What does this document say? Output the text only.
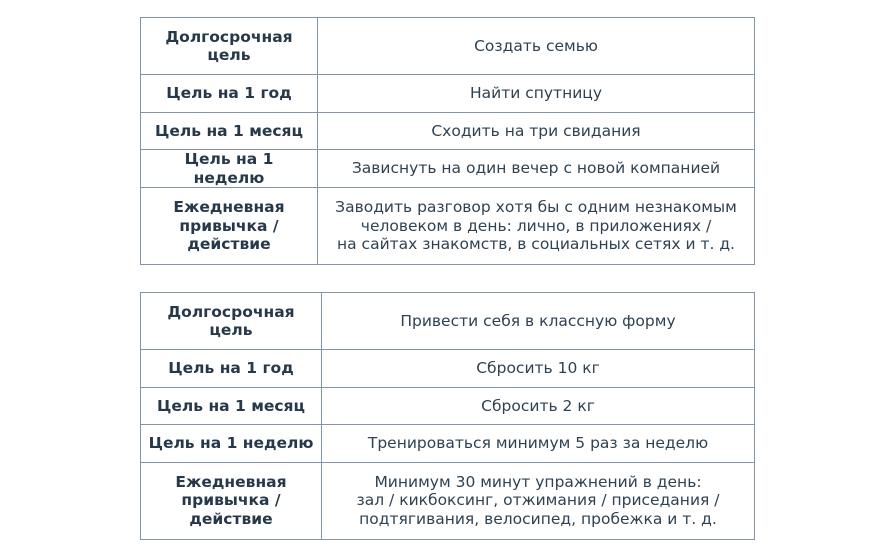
Долгосрочная
цель	Создать семью
Цель на 1 год	Найти спутницу
Цель на 1 месяц	Сходить на три свидания
Цель на 1 неделю	Зависнуть на один вечер с новой компанией
Ежедневная
привычка /
действие	Заводить разговор хотя бы с одним незнакомым
человеком в день: лично, в приложениях /
на сайтах знакомств, в социальных сетях и т. д.
Долгосрочная
цель	Привести себя в классную форму
Цель на 1 год	Сбросить 10 кг
Цель на 1 месяц	Сбросить 2 кг
Цель на 1 неделю	Тренироваться минимум 5 раз за неделю
Ежедневная
привычка /
действие	Минимум 30 минут упражнений в день:
зал / кикбоксинг, отжимания / приседания /
подтягивания, велосипед, пробежка и т. д.
